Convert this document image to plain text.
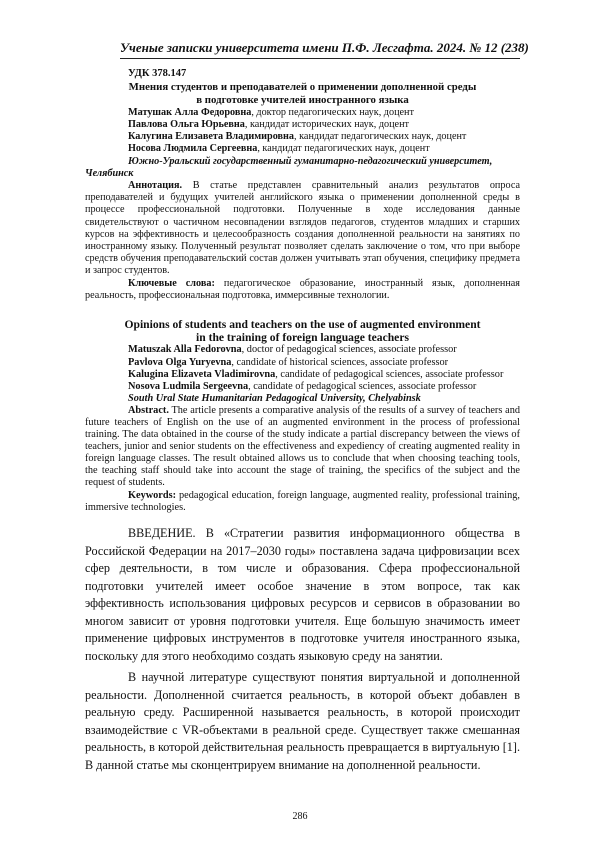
Ученые записки университета имени П.Ф. Лесгафта. 2024. № 12 (238)
УДК 378.147
Мнения студентов и преподавателей о применении дополненной среды
в подготовке учителей иностранного языка
Матушак Алла Федоровна, доктор педагогических наук, доцент
Павлова Ольга Юрьевна, кандидат исторических наук, доцент
Калугина Елизавета Владимировна, кандидат педагогических наук, доцент
Носова Людмила Сергеевна, кандидат педагогических наук, доцент
Южно-Уральский государственный гуманитарно-педагогический университет,
Челябинск

Аннотация. В статье представлен сравнительный анализ результатов опроса преподавателей и будущих учителей английского языка о применении дополненной среды в процессе профессиональной подготовки. Полученные в ходе исследования данные свидетельствуют о частичном несовпадении взглядов педагогов, студентов младших и старших курсов на эффективность и целесообразность создания дополненной реальности на занятиях по иностранному языку. Полученный результат позволяет сделать заключение о том, что при выборе средств обучения преподавательский состав должен учитывать этап обучения, специфику предмета и запрос студентов.

Ключевые слова: педагогическое образование, иностранный язык, дополненная реальность, профессиональная подготовка, иммерсивные технологии.

Opinions of students and teachers on the use of augmented environment
in the training of foreign language teachers
Matuszak Alla Fedorovna, doctor of pedagogical sciences, associate professor
Pavlova Olga Yuryevna, candidate of historical sciences, associate professor
Kalugina Elizaveta Vladimirovna, candidate of pedagogical sciences, associate professor
Nosova Ludmila Sergeevna, candidate of pedagogical sciences, associate professor
South Ural State Humanitarian Pedagogical University, Chelyabinsk

Abstract. The article presents a comparative analysis of the results of a survey of teachers and future teachers of English on the use of an augmented environment in the process of professional training. The data obtained in the course of the study indicate a partial discrepancy between the views of teachers, junior and senior students on the effectiveness and expediency of creating augmented reality in foreign language classes. The result obtained allows us to conclude that when choosing teaching tools, the teaching staff should take into account the stage of training, the specifics of the subject and the request of students.

Keywords: pedagogical education, foreign language, augmented reality, professional training, immersive technologies.

ВВЕДЕНИЕ. В «Стратегии развития информационного общества в Российской Федерации на 2017–2030 годы» поставлена задача цифровизации всех сфер деятельности, в том числе и образования. Сфера профессиональной подготовки учителей имеет особое значение в этом вопросе, так как эффективность использования цифровых ресурсов и сервисов в образовании во многом зависит от уровня подготовки учителя. Еще большую значимость имеет применение цифровых инструментов в подготовке учителя иностранного языка, поскольку для этого необходимо создать языковую среду на занятии.

В научной литературе существуют понятия виртуальной и дополненной реальности. Дополненной считается реальность, в которой объект добавлен в реальную среду. Расширенной называется реальность, в которой происходит взаимодействие с VR-объектами в реальной среде. Существует также смешанная реальность, в которой действительная реальность превращается в виртуальную [1]. В данной статье мы сконцентрируем внимание на дополненной реальности.

286
